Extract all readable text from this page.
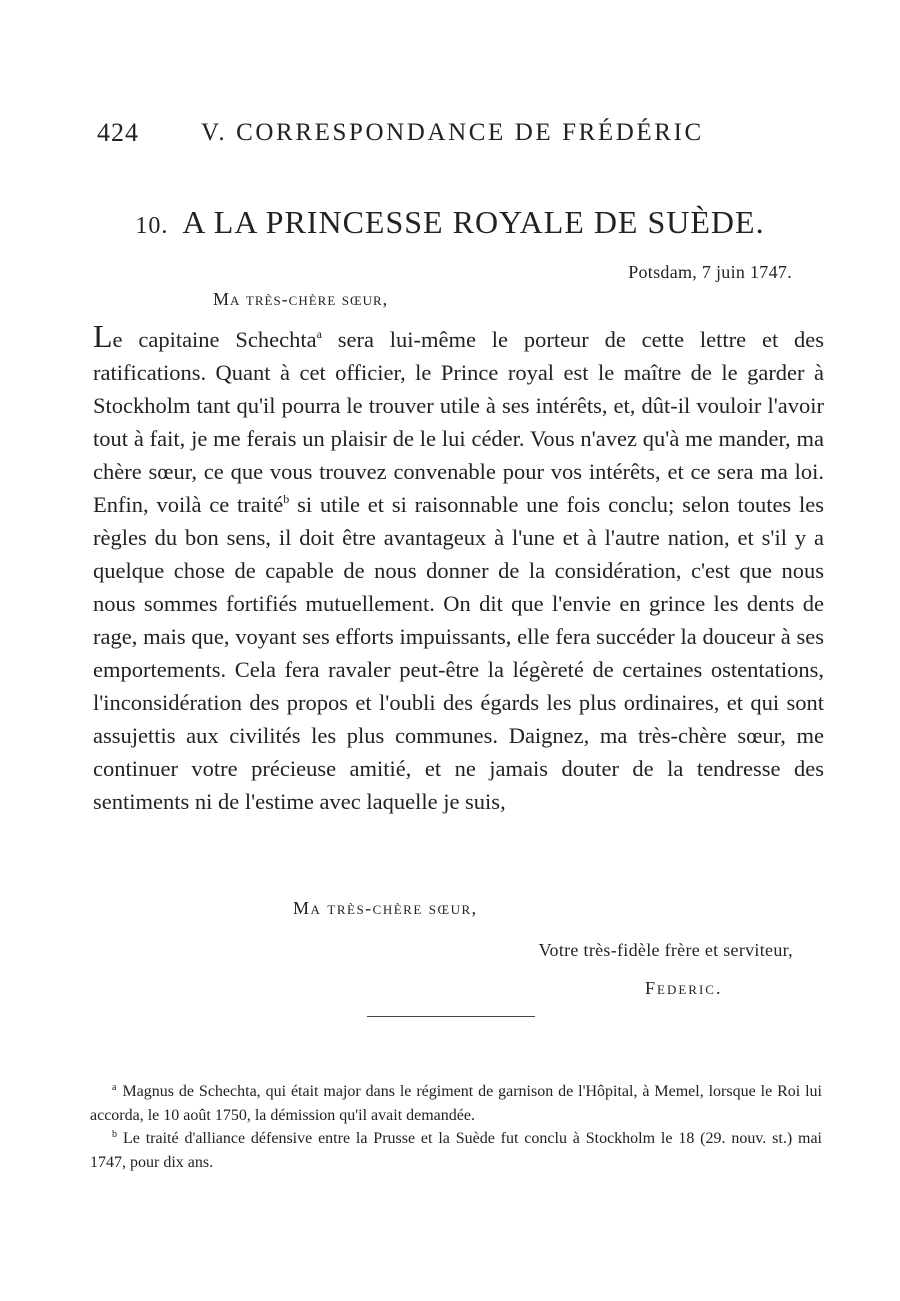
424 V. CORRESPONDANCE DE FRÉDÉRIC
10. A LA PRINCESSE ROYALE DE SUÈDE.
Potsdam, 7 juin 1747.
Ma très-chère sœur,
Le capitaine Schechta$^a$ sera lui-même le porteur de cette lettre et des ratifications. Quant à cet officier, le Prince royal est le maître de le garder à Stockholm tant qu'il pourra le trouver utile à ses intérêts, et, dût-il vouloir l'avoir tout à fait, je me ferais un plaisir de le lui céder. Vous n'avez qu'à me mander, ma chère sœur, ce que vous trouvez convenable pour vos intérêts, et ce sera ma loi. Enfin, voilà ce traité$^b$ si utile et si raisonnable une fois conclu; selon toutes les règles du bon sens, il doit être avantageux à l'une et à l'autre nation, et s'il y a quelque chose de capable de nous donner de la considération, c'est que nous nous sommes fortifiés mutuellement. On dit que l'envie en grince les dents de rage, mais que, voyant ses efforts impuissants, elle fera succéder la douceur à ses emportements. Cela fera ravaler peut-être la légèreté de certaines ostentations, l'inconsidération des propos et l'oubli des égards les plus ordinaires, et qui sont assujettis aux civilités les plus communes. Daignez, ma très-chère sœur, me continuer votre précieuse amitié, et ne jamais douter de la tendresse des sentiments ni de l'estime avec laquelle je suis,
Ma très-chère sœur,
Votre très-fidèle frère et serviteur,
Federic.

$^a$ Magnus de Schechta, qui était major dans le régiment de garnison de l'Hôpital, à Memel, lorsque le Roi lui accorda, le 10 août 1750, la démission qu'il avait demandée.

$^b$ Le traité d'alliance défensive entre la Prusse et la Suède fut conclu à Stockholm le 18 (29. nouv. st.) mai 1747, pour dix ans.
